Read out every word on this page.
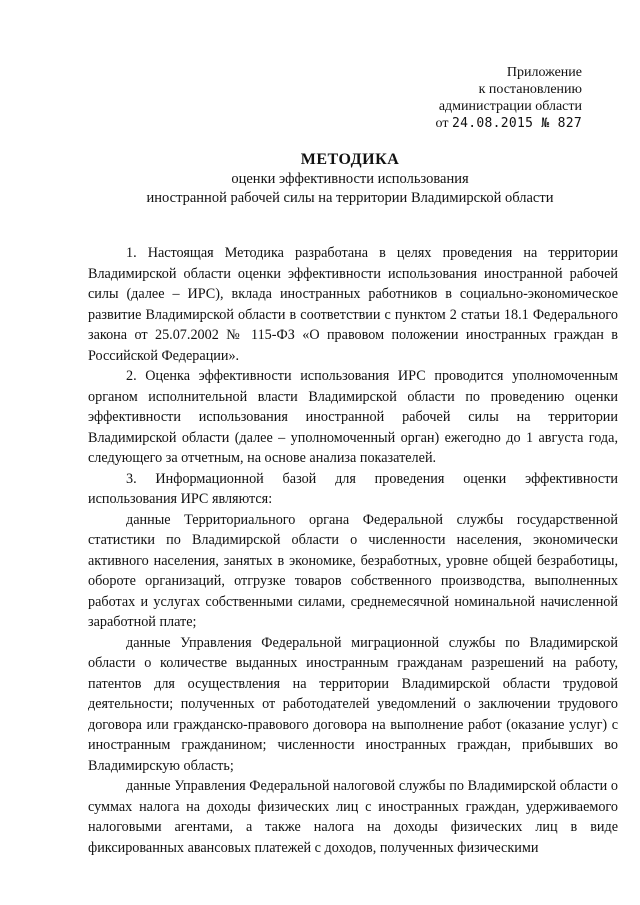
Приложение
к постановлению
администрации области
от 24.08.2015 № 827
МЕТОДИКА
оценки эффективности использования
иностранной рабочей силы на территории Владимирской области

1. Настоящая Методика разработана в целях проведения на территории Владимирской области оценки эффективности использования иностранной рабочей силы (далее – ИРС), вклада иностранных работников в социально-экономическое развитие Владимирской области в соответствии с пунктом 2 статьи 18.1 Федерального закона от 25.07.2002 № 115-ФЗ «О правовом положении иностранных граждан в Российской Федерации».

2. Оценка эффективности использования ИРС проводится уполномоченным органом исполнительной власти Владимирской области по проведению оценки эффективности использования иностранной рабочей силы на территории Владимирской области (далее – уполномоченный орган) ежегодно до 1 августа года, следующего за отчетным, на основе анализа показателей.

3. Информационной базой для проведения оценки эффективности использования ИРС являются:

данные Территориального органа Федеральной службы государственной статистики по Владимирской области о численности населения, экономически активного населения, занятых в экономике, безработных, уровне общей безработицы, обороте организаций, отгрузке товаров собственного производства, выполненных работах и услугах собственными силами, среднемесячной номинальной начисленной заработной плате;

данные Управления Федеральной миграционной службы по Владимирской области о количестве выданных иностранным гражданам разрешений на работу, патентов для осуществления на территории Владимирской области трудовой деятельности; полученных от работодателей уведомлений о заключении трудового договора или гражданско-правового договора на выполнение работ (оказание услуг) с иностранным гражданином; численности иностранных граждан, прибывших во Владимирскую область;

данные Управления Федеральной налоговой службы по Владимирской области о суммах налога на доходы физических лиц с иностранных граждан, удерживаемого налоговыми агентами, а также налога на доходы физических лиц в виде фиксированных авансовых платежей с доходов, полученных физическими
